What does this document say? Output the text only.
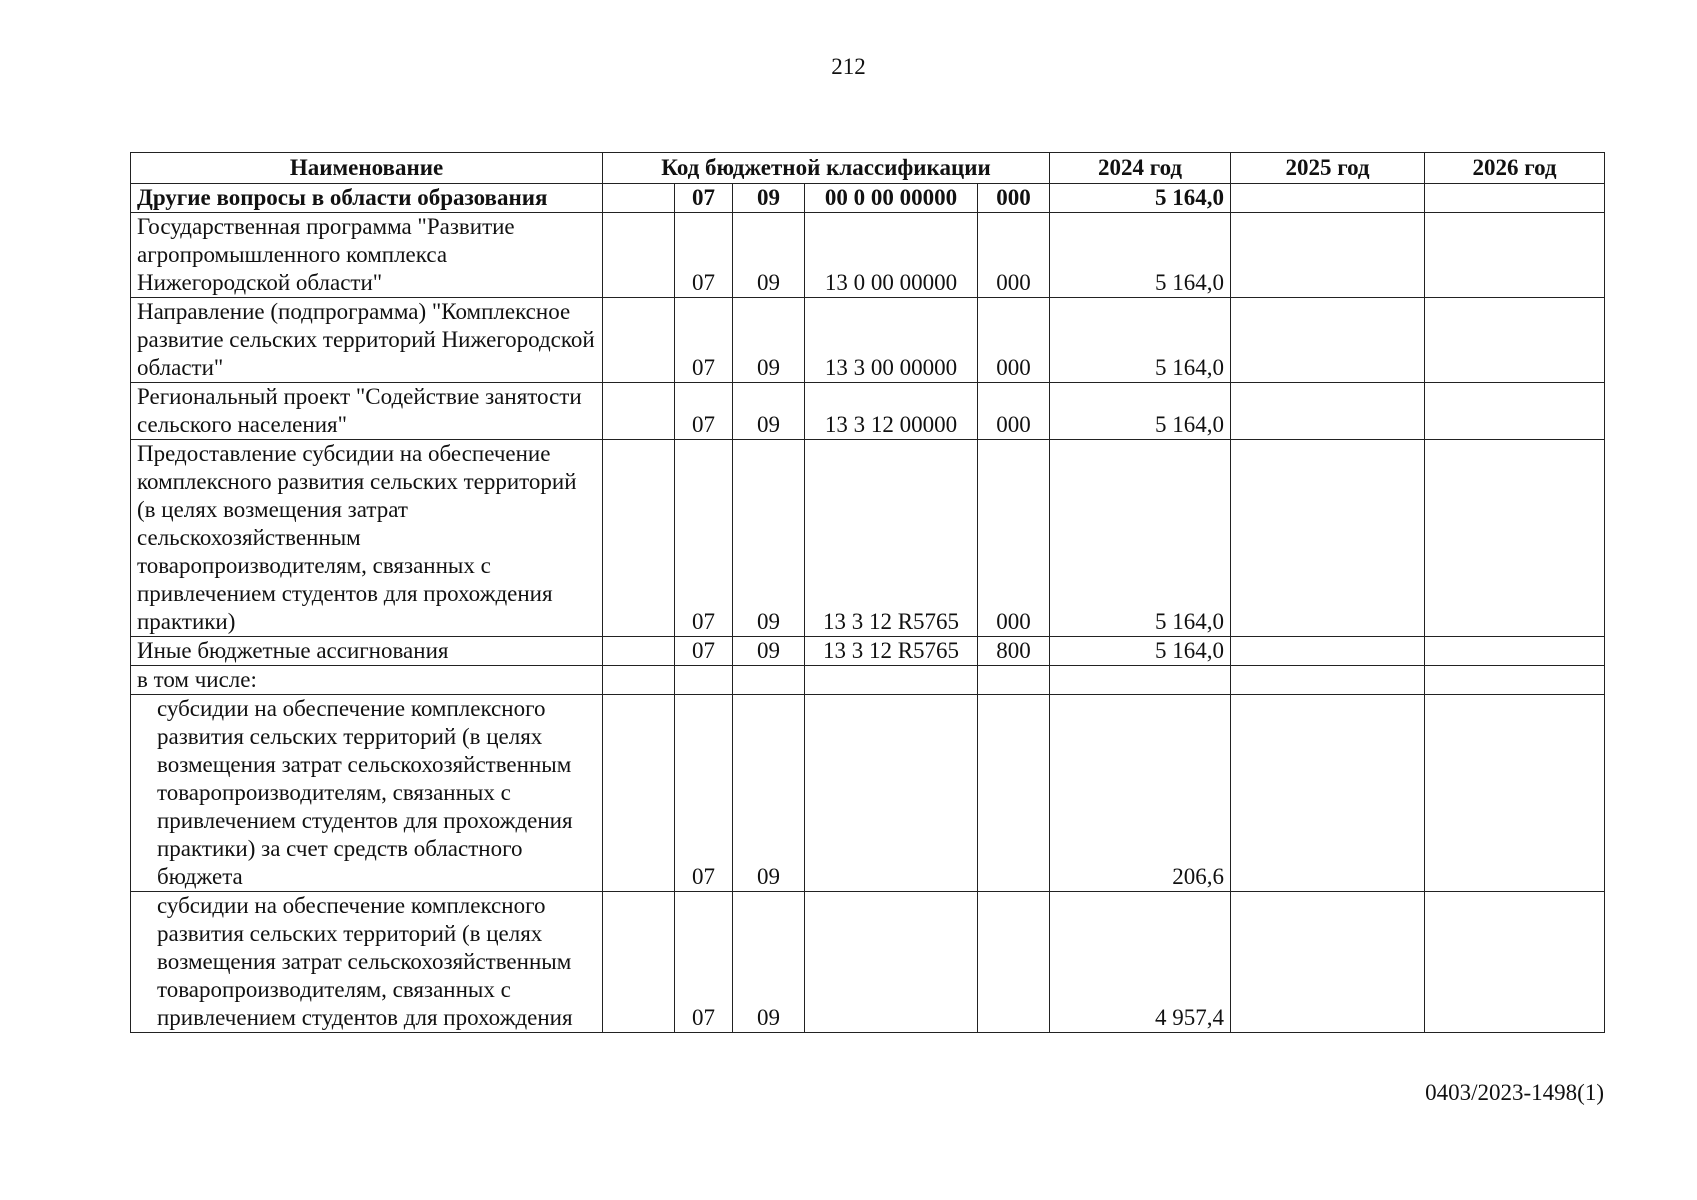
212
Наименование	Код бюджетной классификации					2024 год	2025 год	2026 год
Другие вопросы в области образования		07	09	00 0 00 00000	000	5 164,0		
Государственная программа "Развитие агропромышленного комплекса Нижегородской области"		07	09	13 0 00 00000	000	5 164,0		
Направление (подпрограмма) "Комплексное развитие сельских территорий Нижегородской области"		07	09	13 3 00 00000	000	5 164,0		
Региональный проект "Содействие занятости сельского населения"		07	09	13 3 12 00000	000	5 164,0		
Предоставление субсидии на обеспечение комплексного развития сельских территорий (в целях возмещения затрат сельскохозяйственным товаропроизводителям, связанных с привлечением студентов для прохождения практики)		07	09	13 3 12 R5765	000	5 164,0		
Иные бюджетные ассигнования		07	09	13 3 12 R5765	800	5 164,0		
в том числе:								
субсидии на обеспечение комплексного развития сельских территорий (в целях возмещения затрат сельскохозяйственным товаропроизводителям, связанных с привлечением студентов для прохождения практики) за счет средств областного бюджета		07	09			206,6		
субсидии на обеспечение комплексного развития сельских территорий (в целях возмещения затрат сельскохозяйственным товаропроизводителям, связанных с привлечением студентов для прохождения		07	09			4 957,4		
0403/2023-1498(1)
